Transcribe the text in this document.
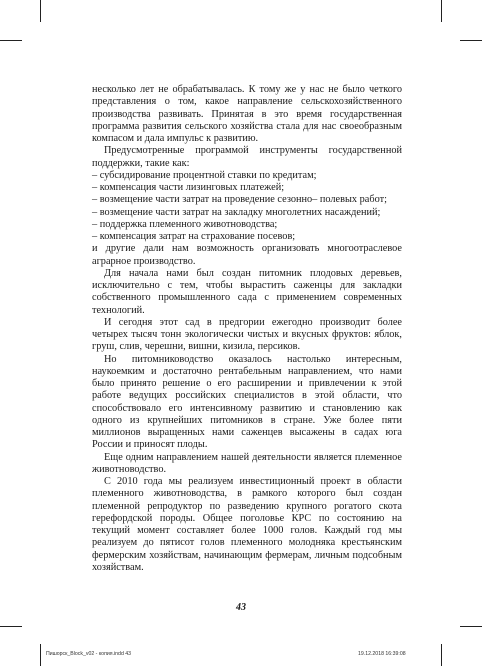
несколько лет не обрабатывалась. К тому же у нас не было четкого представления о том, какое направление сельскохозяйственного производства развивать. Принятая в это время государственная программа развития сельского хозяйства стала для нас своеобразным компасом и дала импульс к развитию.

Предусмотренные программой инструменты государственной поддержки, такие как:

– субсидирование процентной ставки по кредитам;

– компенсация части лизинговых платежей;

– возмещение части затрат на проведение сезонно– полевых работ;

– возмещение части затрат на закладку многолетних насаждений;

– поддержка племенного животноводства;

– компенсация затрат на страхование посевов;

и другие дали нам возможность организовать многоотраслевое аграрное производство.

Для начала нами был создан питомник плодовых деревьев, исключительно с тем, чтобы вырастить саженцы для закладки собственного промышленного сада с применением современных технологий.

И сегодня этот сад в предгории ежегодно производит более четырех тысяч тонн экологически чистых и вкусных фруктов: яблок, груш, слив, черешни, вишни, кизила, персиков.

Но питомниководство оказалось настолько интересным, наукоемким и достаточно рентабельным направлением, что нами было принято решение о его расширении и привлечении к этой работе ведущих российских специалистов в этой области, что способствовало его интенсивному развитию и становлению как одного из крупнейших питомников в стране. Уже более пяти миллионов выращенных нами саженцев высажены в садах юга России и приносят плоды.

Еще одним направлением нашей деятельности является племенное животноводство.

С 2010 года мы реализуем инвестиционный проект в области племенного животноводства, в рамкого которого был создан племенной репродуктор по разведению крупного рогатого скота герефордской породы. Общее поголовье КРС по состоянию на текущий момент составляет более 1000 голов. Каждый год мы реализуем до пятисот голов племенного молодняка крестьянским фермерским хозяйствам, начинающим фермерам, личным подсобным хозяйствам.

43
Пишорск_Block_v02 - копия.indd 43	19.12.2018 16:39:08
